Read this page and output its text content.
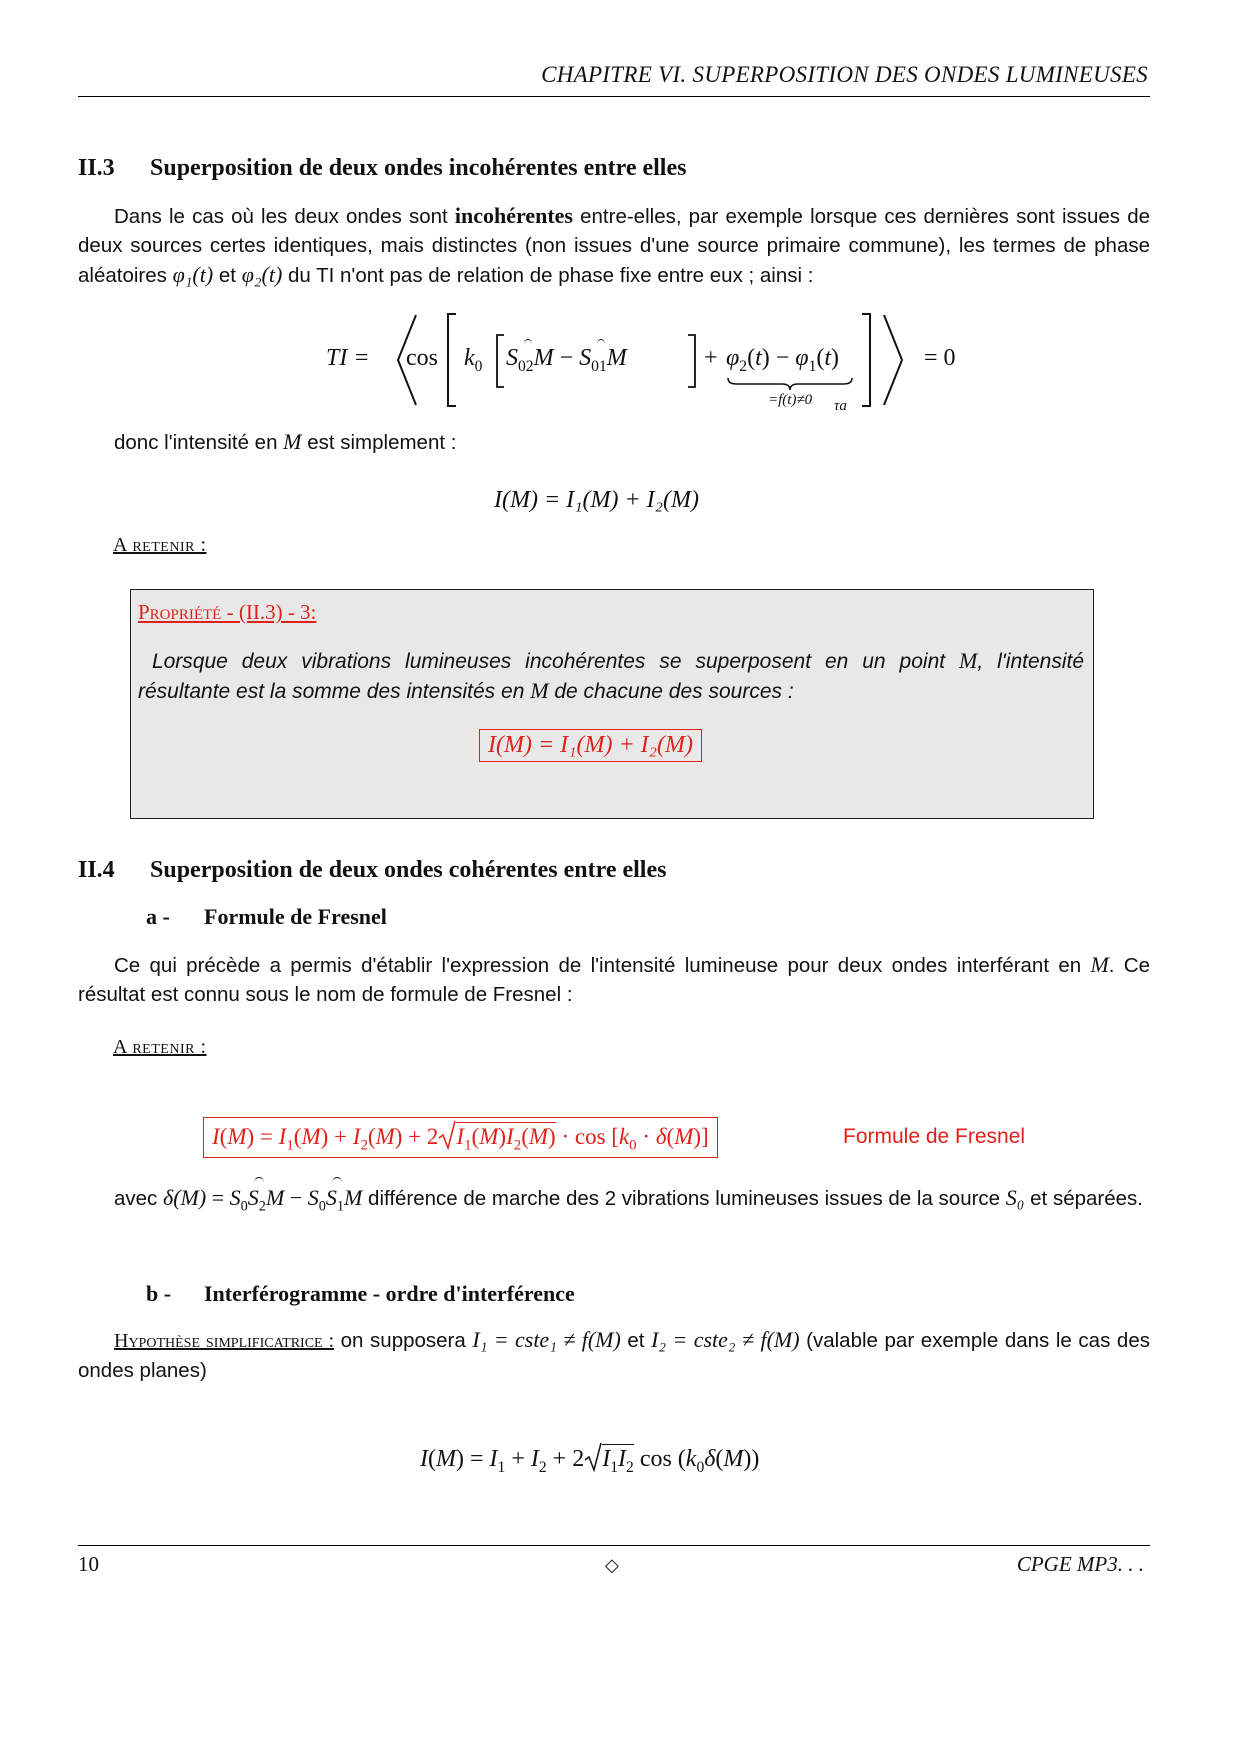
CHAPITRE VI. SUPERPOSITION DES ONDES LUMINEUSES
II.3 Superposition de deux ondes incohérentes entre elles
Dans le cas où les deux ondes sont incohérentes entre-elles, par exemple lorsque ces dernières sont issues de deux sources certes identiques, mais distinctes (non issues d'une source primaire commune), les termes de phase aléatoires φ₁(t) et φ₂(t) du TI n'ont pas de relation de phase fixe entre eux ; ainsi :
TI = $\cos k_0$ $S_{02}M - S_{01}M$	+ $\varphi_2(t) - \varphi_1(t)$
=f(t)≠0 τa
= 0
donc l'intensité en M est simplement :
I(M) = I₁(M) + I₂(M)
A retenir :
Propriété - (II.3) - 3:
Lorsque deux vibrations lumineuses incohérentes se superposent en un point M, l'intensité résultante est la somme des intensités en M de chacune des sources :
I(M) = I₁(M) + I₂(M)
II.4 Superposition de deux ondes cohérentes entre elles
a - Formule de Fresnel
Ce qui précède a permis d'établir l'expression de l'intensité lumineuse pour deux ondes interférant en M. Ce résultat est connu sous le nom de formule de Fresnel :
A retenir :
$I(M) = I_1(M) + I_2(M) + 2$ $I_1(M)I_2(M) \cdot \cos [k_0 \cdot \delta(M)]$	Formule de Fresnel
avec $\delta(M) = S_0S_2M - S_0S_1M$ différence de marche des 2 vibrations lumineuses issues de la source S₀ et séparées.
b - Interférogramme - ordre d'interférence
Hypothèse simplificatrice : on supposera I₁ = cste₁ ≠ f(M) et I₂ = cste₂ ≠ f(M) (valable par exemple dans le cas des ondes planes)
$I(M) = I_1 + I_2 + 2$ $I_1I_2$ $\cos (k_0\delta(M))$
10	◇	CPGE MP3. . .
